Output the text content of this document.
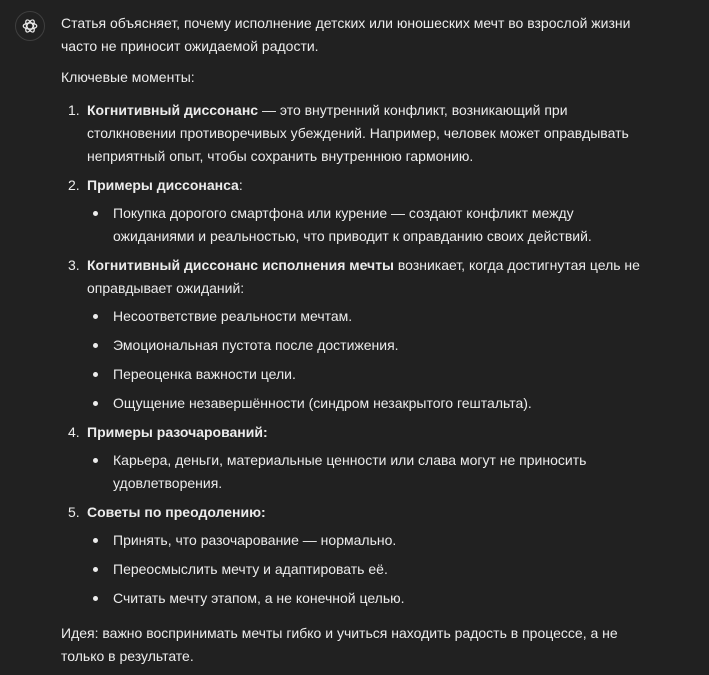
Статья объясняет, почему исполнение детских или юношеских мечт во взрослой жизни часто не приносит ожидаемой радости.

Ключевые моменты:

1. Когнитивный диссонанс — это внутренний конфликт, возникающий при столкновении противоречивых убеждений. Например, человек может оправдывать неприятный опыт, чтобы сохранить внутреннюю гармонию.
2. Примеры диссонанса:
Покупка дорогого смартфона или курение — создают конфликт между ожиданиями и реальностью, что приводит к оправданию своих действий.
3. Когнитивный диссонанс исполнения мечты возникает, когда достигнутая цель не оправдывает ожиданий:
Несоответствие реальности мечтам.
Эмоциональная пустота после достижения.
Переоценка важности цели.
Ощущение незавершённости (синдром незакрытого гештальта).
4. Примеры разочарований:
Карьера, деньги, материальные ценности или слава могут не приносить удовлетворения.
5. Советы по преодолению:
Принять, что разочарование — нормально.
Переосмыслить мечту и адаптировать её.
Считать мечту этапом, а не конечной целью.

Идея: важно воспринимать мечты гибко и учиться находить радость в процессе, а не только в результате.
